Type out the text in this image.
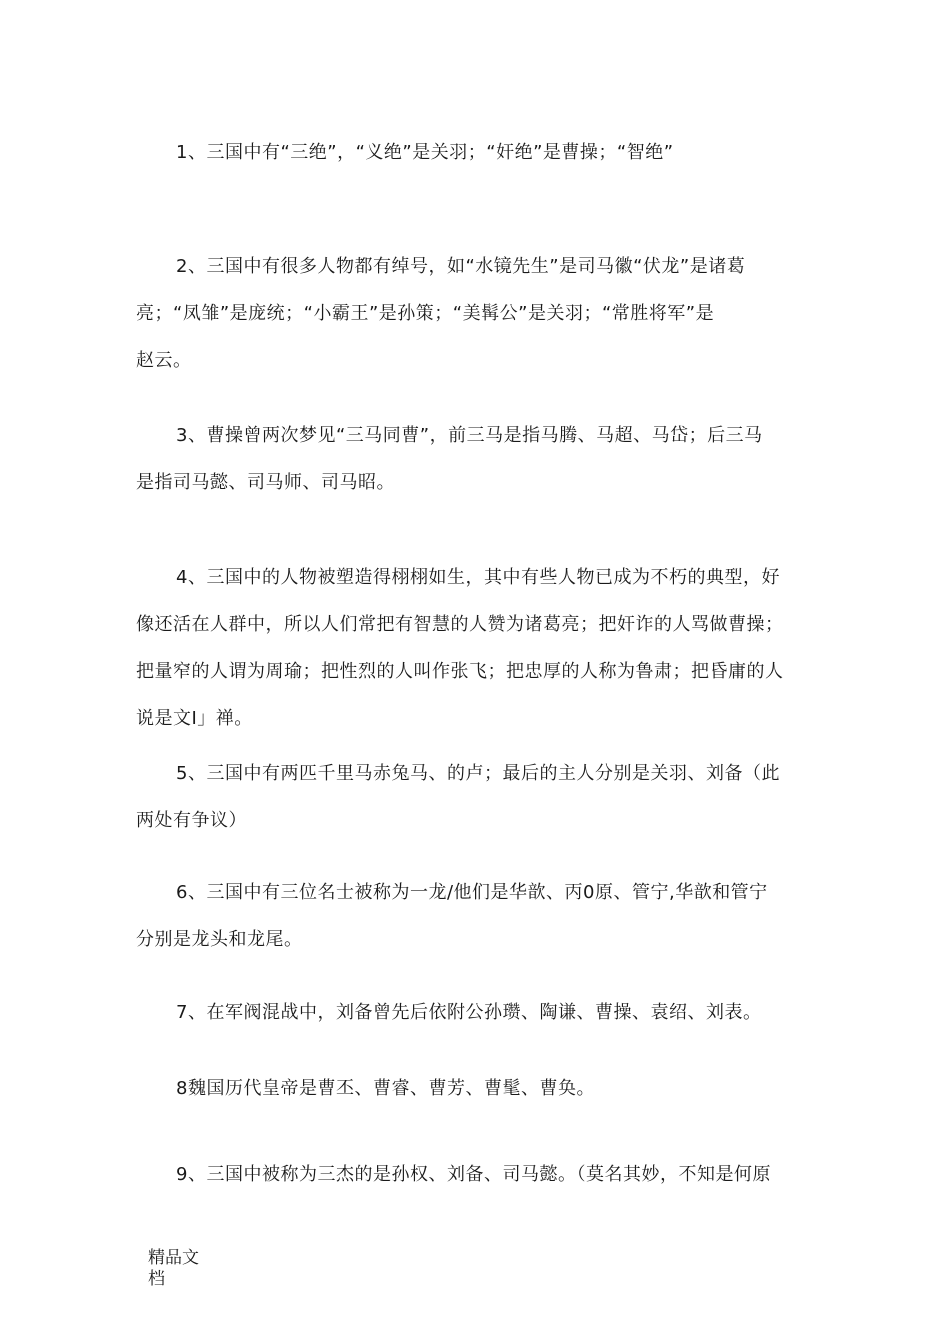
1、三国中有“三绝”，“义绝”是关羽；“奸绝”是曹操；“智绝”
2、三国中有很多人物都有绰号，如“水镜先生”是司马徽“伏龙”是诸葛
亮；“凤雏”是庞统；“小霸王”是孙策；“美髯公”是关羽；“常胜将军”是
赵云。
3、曹操曾两次梦见“三马同曹”，前三马是指马腾、马超、马岱；后三马
是指司马懿、司马师、司马昭。
4、三国中的人物被塑造得栩栩如生，其中有些人物已成为不朽的典型，好
像还活在人群中，所以人们常把有智慧的人赞为诸葛亮；把奸诈的人骂做曹操；
把量窄的人谓为周瑜；把性烈的人叫作张飞；把忠厚的人称为鲁肃；把昏庸的人
说是文I」禅。
5、三国中有两匹千里马赤兔马、的卢；最后的主人分别是关羽、刘备（此
两处有争议）
6、三国中有三位名士被称为一龙/他们是华歆、丙0原、管宁,华歆和管宁
分别是龙头和龙尾。
7、在军阀混战中，刘备曾先后依附公孙瓒、陶谦、曹操、袁绍、刘表。
8魏国历代皇帝是曹丕、曹睿、曹芳、曹髦、曹奂。
9、三国中被称为三杰的是孙权、刘备、司马懿。（莫名其妙，不知是何原
精品文
档
